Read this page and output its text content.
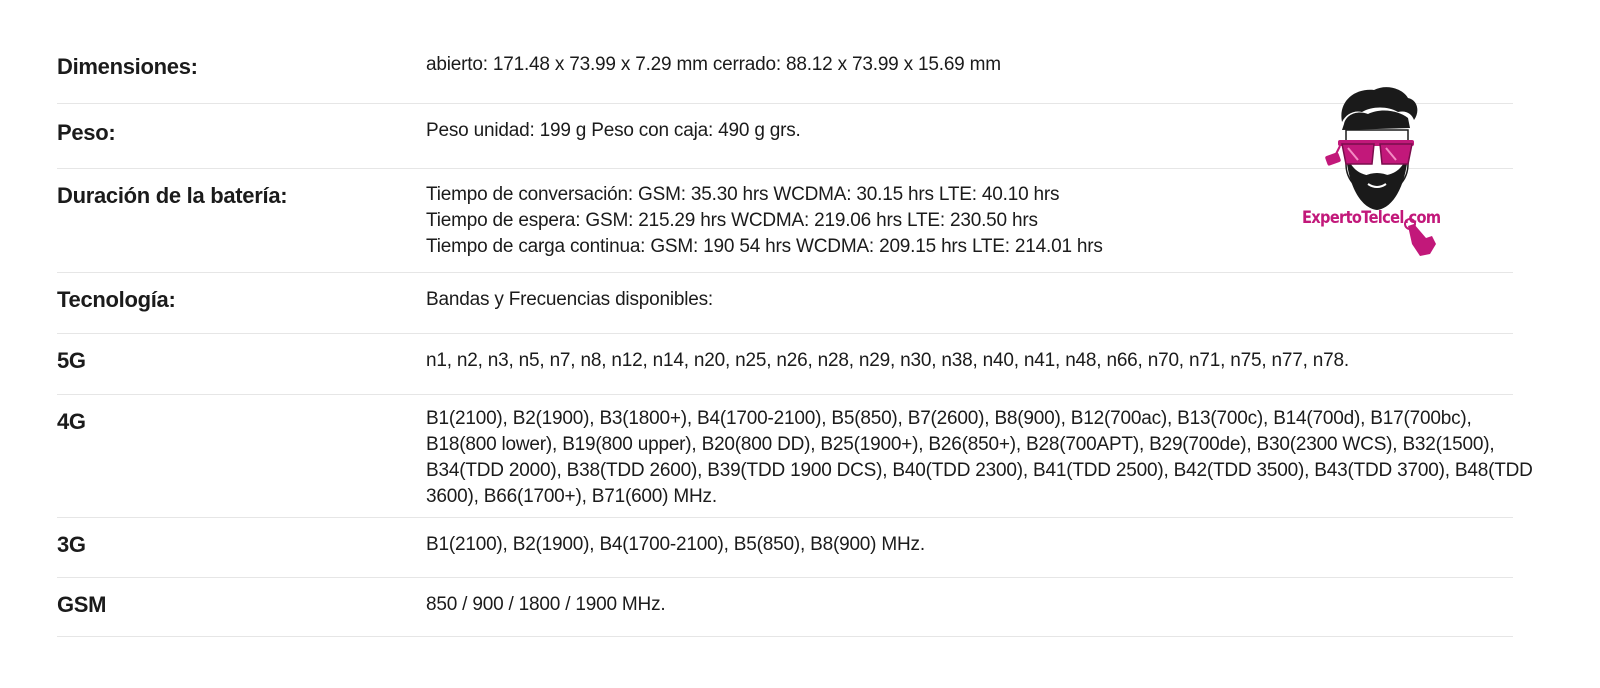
Dimensiones:	abierto: 171.48 x 73.99 x 7.29 mm cerrado: 88.12 x 73.99 x 15.69 mm
Peso:	Peso unidad: 199 g Peso con caja: 490 g grs.
Duración de la batería:	Tiempo de conversación: GSM: 35.30 hrs WCDMA: 30.15 hrs LTE: 40.10 hrs
Tiempo de espera: GSM: 215.29 hrs WCDMA: 219.06 hrs LTE: 230.50 hrs
Tiempo de carga continua: GSM: 190 54 hrs WCDMA: 209.15 hrs LTE: 214.01 hrs
Tecnología:	Bandas y Frecuencias disponibles:
5G	n1, n2, n3, n5, n7, n8, n12, n14, n20, n25, n26, n28, n29, n30, n38, n40, n41, n48, n66, n70, n71, n75, n77, n78.
4G	B1(2100), B2(1900), B3(1800+), B4(1700-2100), B5(850), B7(2600), B8(900), B12(700ac), B13(700c), B14(700d), B17(700bc),
B18(800 lower), B19(800 upper), B20(800 DD), B25(1900+), B26(850+), B28(700APT), B29(700de), B30(2300 WCS), B32(1500),
B34(TDD 2000), B38(TDD 2600), B39(TDD 1900 DCS), B40(TDD 2300), B41(TDD 2500), B42(TDD 3500), B43(TDD 3700), B48(TDD
3600), B66(1700+), B71(600) MHz.
3G	B1(2100), B2(1900), B4(1700-2100), B5(850), B8(900) MHz.
GSM	850 / 900 / 1800 / 1900 MHz.
ExpertoTelcel.com
